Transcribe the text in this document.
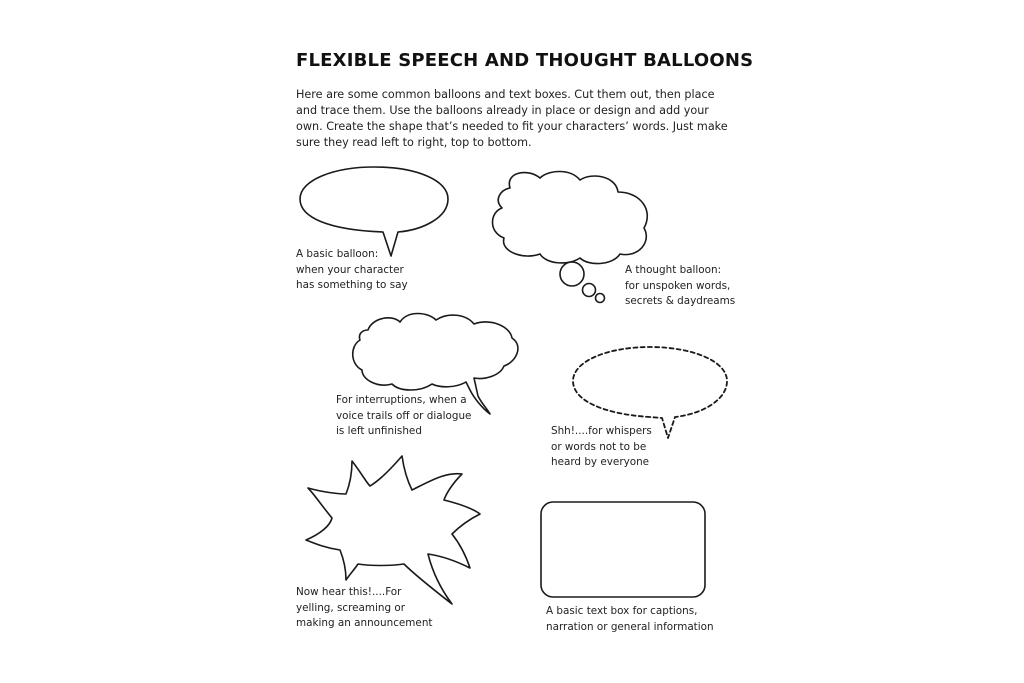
FLEXIBLE SPEECH AND THOUGHT BALLOONS
Here are some common balloons and text boxes. Cut them out, then place and trace them. Use the balloons already in place or design and add your own. Create the shape that’s needed to fit your characters’ words. Just make sure they read left to right, top to bottom.
A basic balloon:
when your character
has something to say
A thought balloon:
for unspoken words,
secrets & daydreams
For interruptions, when a
voice trails off or dialogue
is left unfinished	Shh!....for whispers
or words not to be
heard by everyone
Now hear this!....For
yelling, screaming or
making an announcement
A basic text box for captions,
narration or general information
